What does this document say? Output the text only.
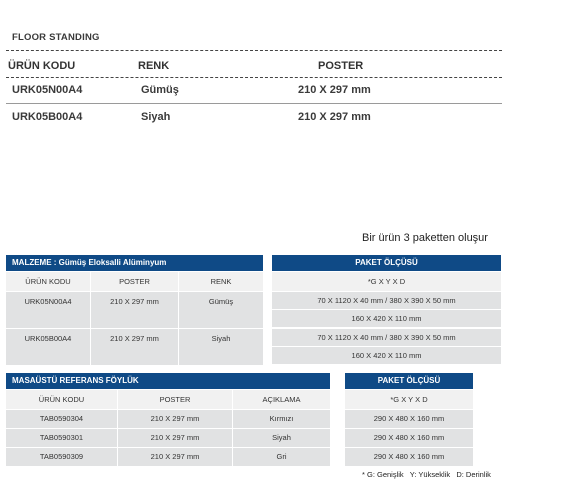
FLOOR STANDING
ÜRÜN KODU	RENK	POSTER
URK05N00A4	Gümüş	210 X 297 mm
URK05B00A4	Siyah	210 X 297 mm
Bir ürün 3 paketten oluşur
MALZEME : Gümüş Eloksalli Alüminyum
ÜRÜN KODU	POSTER	RENK
URK05N00A4	210 X 297 mm	Gümüş
URK05B00A4	210 X 297 mm	Siyah
PAKET ÖLÇÜSÜ
*G X Y X D
70 X 1120 X 40 mm / 380 X 390 X 50 mm
160 X 420 X 110 mm
70 X 1120 X 40 mm / 380 X 390 X 50 mm
160 X 420 X 110 mm
MASAÜSTÜ REFERANS FÖYLÜK
ÜRÜN KODU	POSTER	AÇIKLAMA
TAB0590304	210 X 297 mm	Kırmızı
TAB0590301	210 X 297 mm	Siyah
TAB0590309	210 X 297 mm	Gri
PAKET ÖLÇÜSÜ
*G X Y X D
290 X 480 X 160 mm
290 X 480 X 160 mm
290 X 480 X 160 mm
* G: Genişlik   Y: Yükseklik   D: Derinlik
